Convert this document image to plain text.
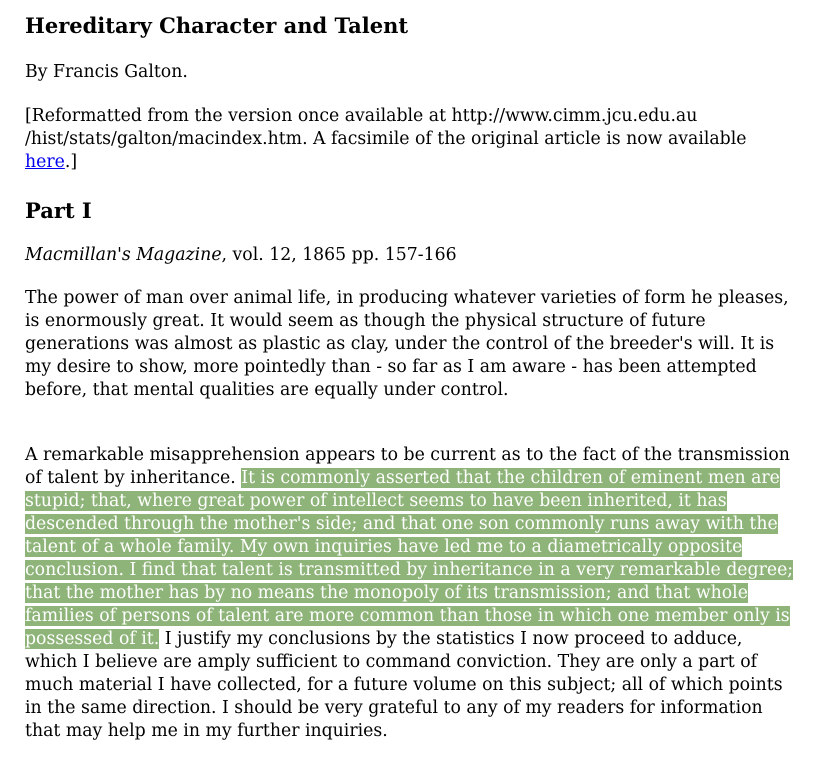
Hereditary Character and Talent

By Francis Galton.

[Reformatted from the version once available at http://www.cimm.jcu.edu.au /hist/stats/galton/macindex.htm. A facsimile of the original article is now available here.]

Part I

Macmillan's Magazine, vol. 12, 1865 pp. 157-166

The power of man over animal life, in producing whatever varieties of form he pleases, is enormously great. It would seem as though the physical structure of future generations was almost as plastic as clay, under the control of the breeder's will. It is my desire to show, more pointedly than - so far as I am aware - has been attempted before, that mental qualities are equally under control.

A remarkable misapprehension appears to be current as to the fact of the transmission of talent by inheritance. It is commonly asserted that the children of eminent men are stupid; that, where great power of intellect seems to have been inherited, it has descended through the mother's side; and that one son commonly runs away with the talent of a whole family. My own inquiries have led me to a diametrically opposite conclusion. I find that talent is transmitted by inheritance in a very remarkable degree; that the mother has by no means the monopoly of its transmission; and that whole families of persons of talent are more common than those in which one member only is possessed of it. I justify my conclusions by the statistics I now proceed to adduce, which I believe are amply sufficient to command conviction. They are only a part of much material I have collected, for a future volume on this subject; all of which points in the same direction. I should be very grateful to any of my readers for information that may help me in my further inquiries.
